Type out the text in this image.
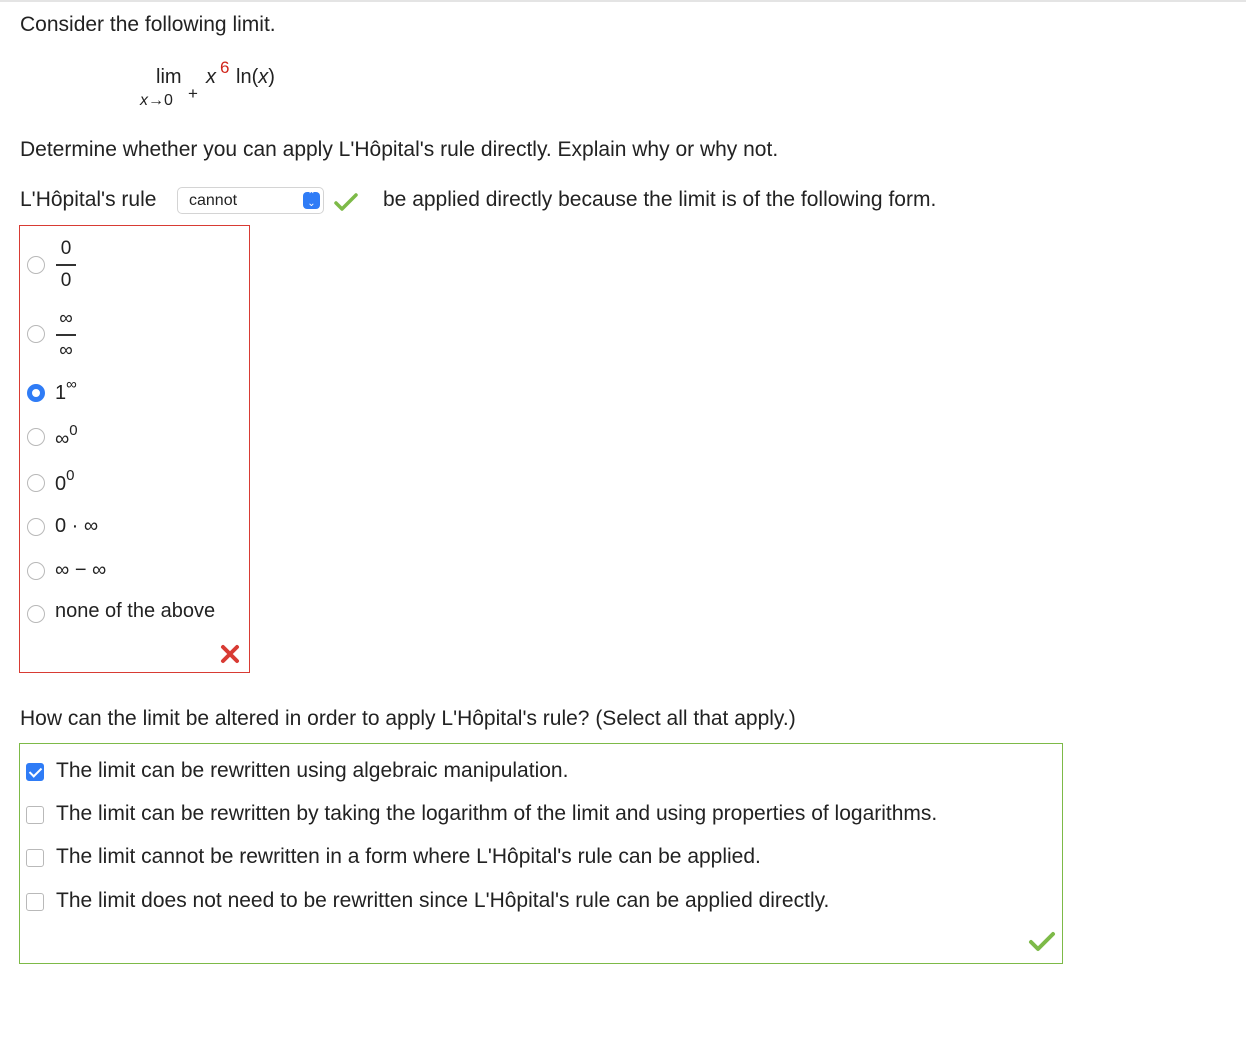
Consider the following limit.
lim x 6 ln(x)
x→0 +
Determine whether you can apply L'Hôpital's rule directly. Explain why or why not.
L'Hôpital's rule cannot	⌃
⌄	be applied directly because the limit is of the following form.
0
0
∞
∞
1∞
∞$^0$
$0^0$
0 · ∞
∞ − ∞
none of the above
How can the limit be altered in order to apply L'Hôpital's rule? (Select all that apply.)
The limit can be rewritten using algebraic manipulation.
The limit can be rewritten by taking the logarithm of the limit and using properties of logarithms.
The limit cannot be rewritten in a form where L'Hôpital's rule can be applied.
The limit does not need to be rewritten since L'Hôpital's rule can be applied directly.
